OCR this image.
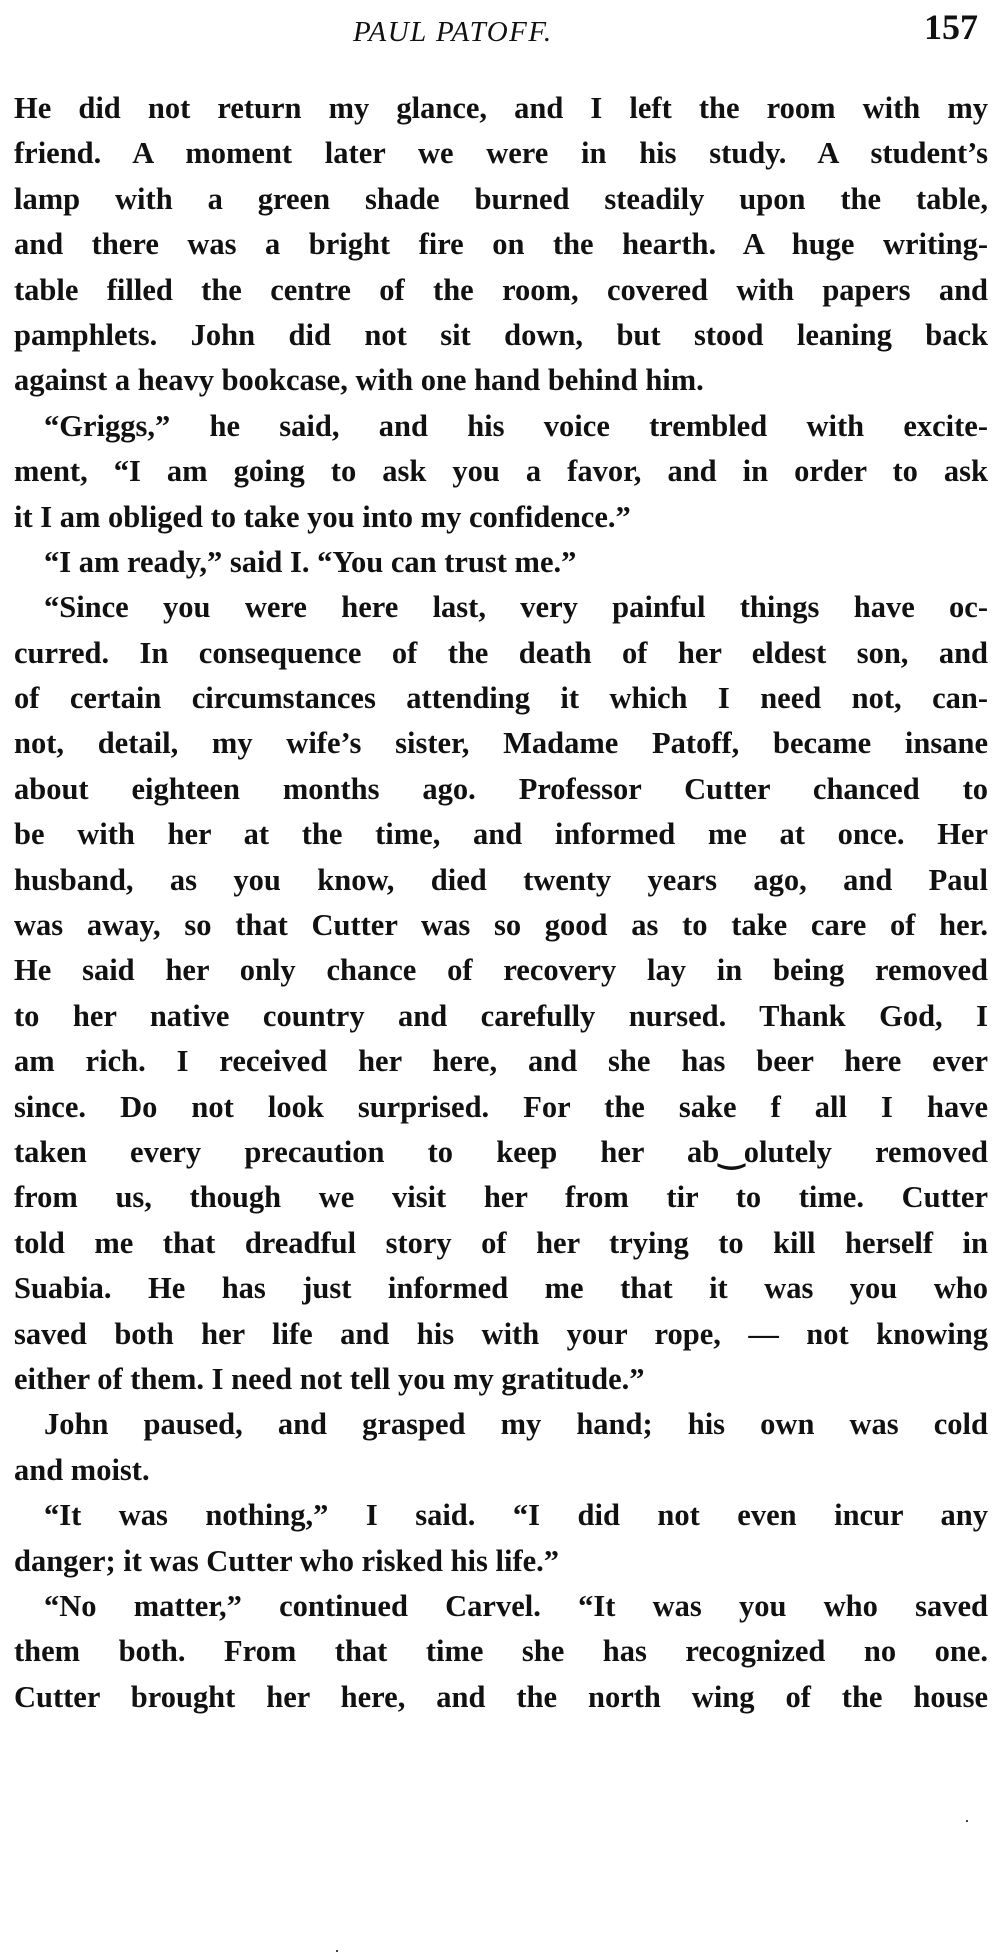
PAUL PATOFF.	157
He did not return my glance, and I left the room with my
friend. A moment later we were in his study. A student’s
lamp with a green shade burned steadily upon the table,
and there was a bright fire on the hearth. A huge writing-
table filled the centre of the room, covered with papers and
pamphlets. John did not sit down, but stood leaning back
against a heavy bookcase, with one hand behind him.
“Griggs,” he said, and his voice trembled with excite-
ment, “I am going to ask you a favor, and in order to ask
it I am obliged to take you into my confidence.”
“I am ready,” said I. “You can trust me.”
“Since you were here last, very painful things have oc-
curred. In consequence of the death of her eldest son, and
of certain circumstances attending it which I need not, can-
not, detail, my wife’s sister, Madame Patoff, became insane
about eighteen months ago. Professor Cutter chanced to
be with her at the time, and informed me at once. Her
husband, as you know, died twenty years ago, and Paul
was away, so that Cutter was so good as to take care of her.
He said her only chance of recovery lay in being removed
to her native country and carefully nursed. Thank God, I
am rich. I received her here, and she has beer here ever
since. Do not look surprised. For the sake f all I have
taken every precaution to keep her ab‿olutely removed
from us, though we visit her from tir to time. Cutter
told me that dreadful story of her trying to kill herself in
Suabia. He has just informed me that it was you who
saved both her life and his with your rope, — not knowing
either of them. I need not tell you my gratitude.”
John paused, and grasped my hand; his own was cold
and moist.
“It was nothing,” I said. “I did not even incur any
danger; it was Cutter who risked his life.”
“No matter,” continued Carvel. “It was you who saved
them both. From that time she has recognized no one.
Cutter brought her here, and the north wing of the house
